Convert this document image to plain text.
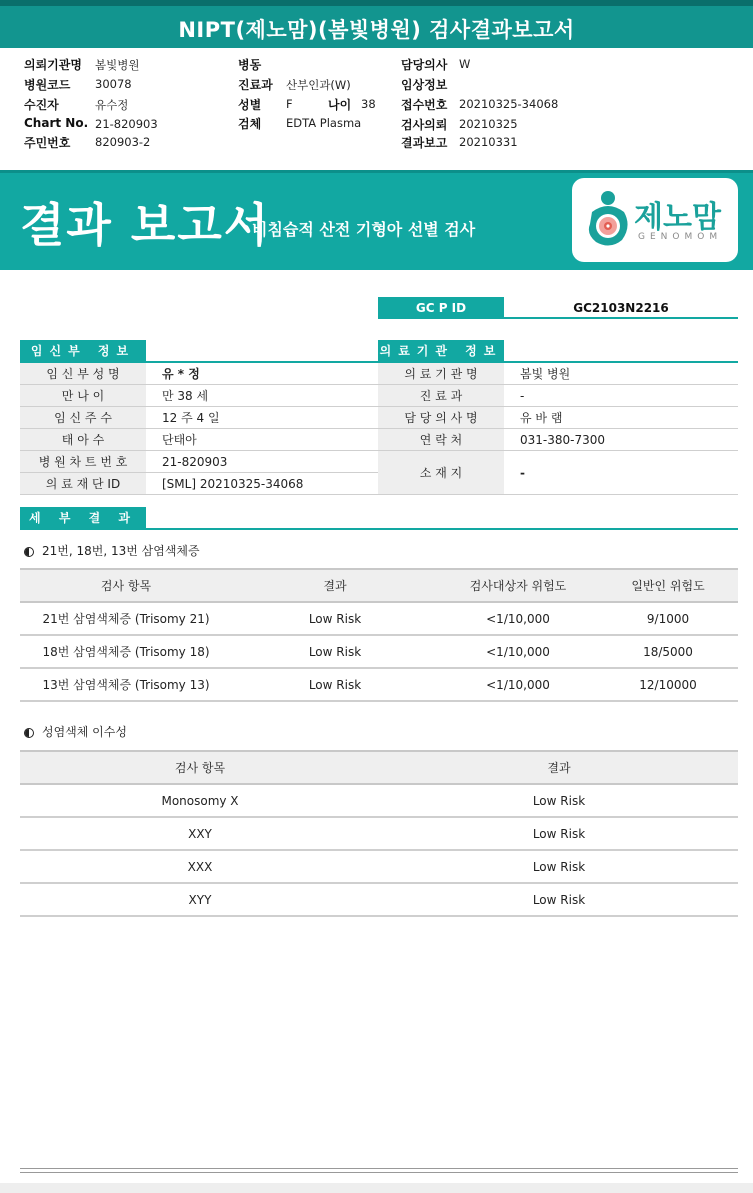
NIPT(제노맘)(봄빛병원) 검사결과보고서
의뢰기관명 봄빛병원
병원코드 30078
수진자	유수정
Chart No. 21-820903
주민번호 820903-2
병동
진료과 산부인과(W)
성별 F	나이 38
검체 EDTA Plasma
담당의사 W
임상정보
접수번호 20210325-34068
검사의뢰 20210325
결과보고 20210331
결과 보고서
비침습적 산전 기형아 선별 검사	제노맘
GENOMOM
GC P ID	GC2103N2216
임신부 정보
임 신 부 성 명	유 * 정
만 나 이	만 38 세
임 신 주 수	12 주 4 일
태 아 수	단태아
병 원 차 트 번 호	21-820903
의 료 재 단 ID	[SML] 20210325-34068
의료기관 정보
의 료 기 관 명	봄빛 병원
진 료 과	-
담 당 의 사 명	유 바 램
연 락 처	031-380-7300
소 재 지	-
세 부 결 과
21번, 18번, 13번 삼염색체증
검사 항목	결과	검사대상자 위험도	일반인 위험도
21번 삼염색체증 (Trisomy 21)	Low Risk	<1/10,000	9/1000
18번 삼염색체증 (Trisomy 18)	Low Risk	<1/10,000	18/5000
13번 삼염색체증 (Trisomy 13)	Low Risk	<1/10,000	12/10000
성염색체 이수성
검사 항목	결과
Monosomy X	Low Risk
XXY	Low Risk
XXX	Low Risk
XYY	Low Risk
